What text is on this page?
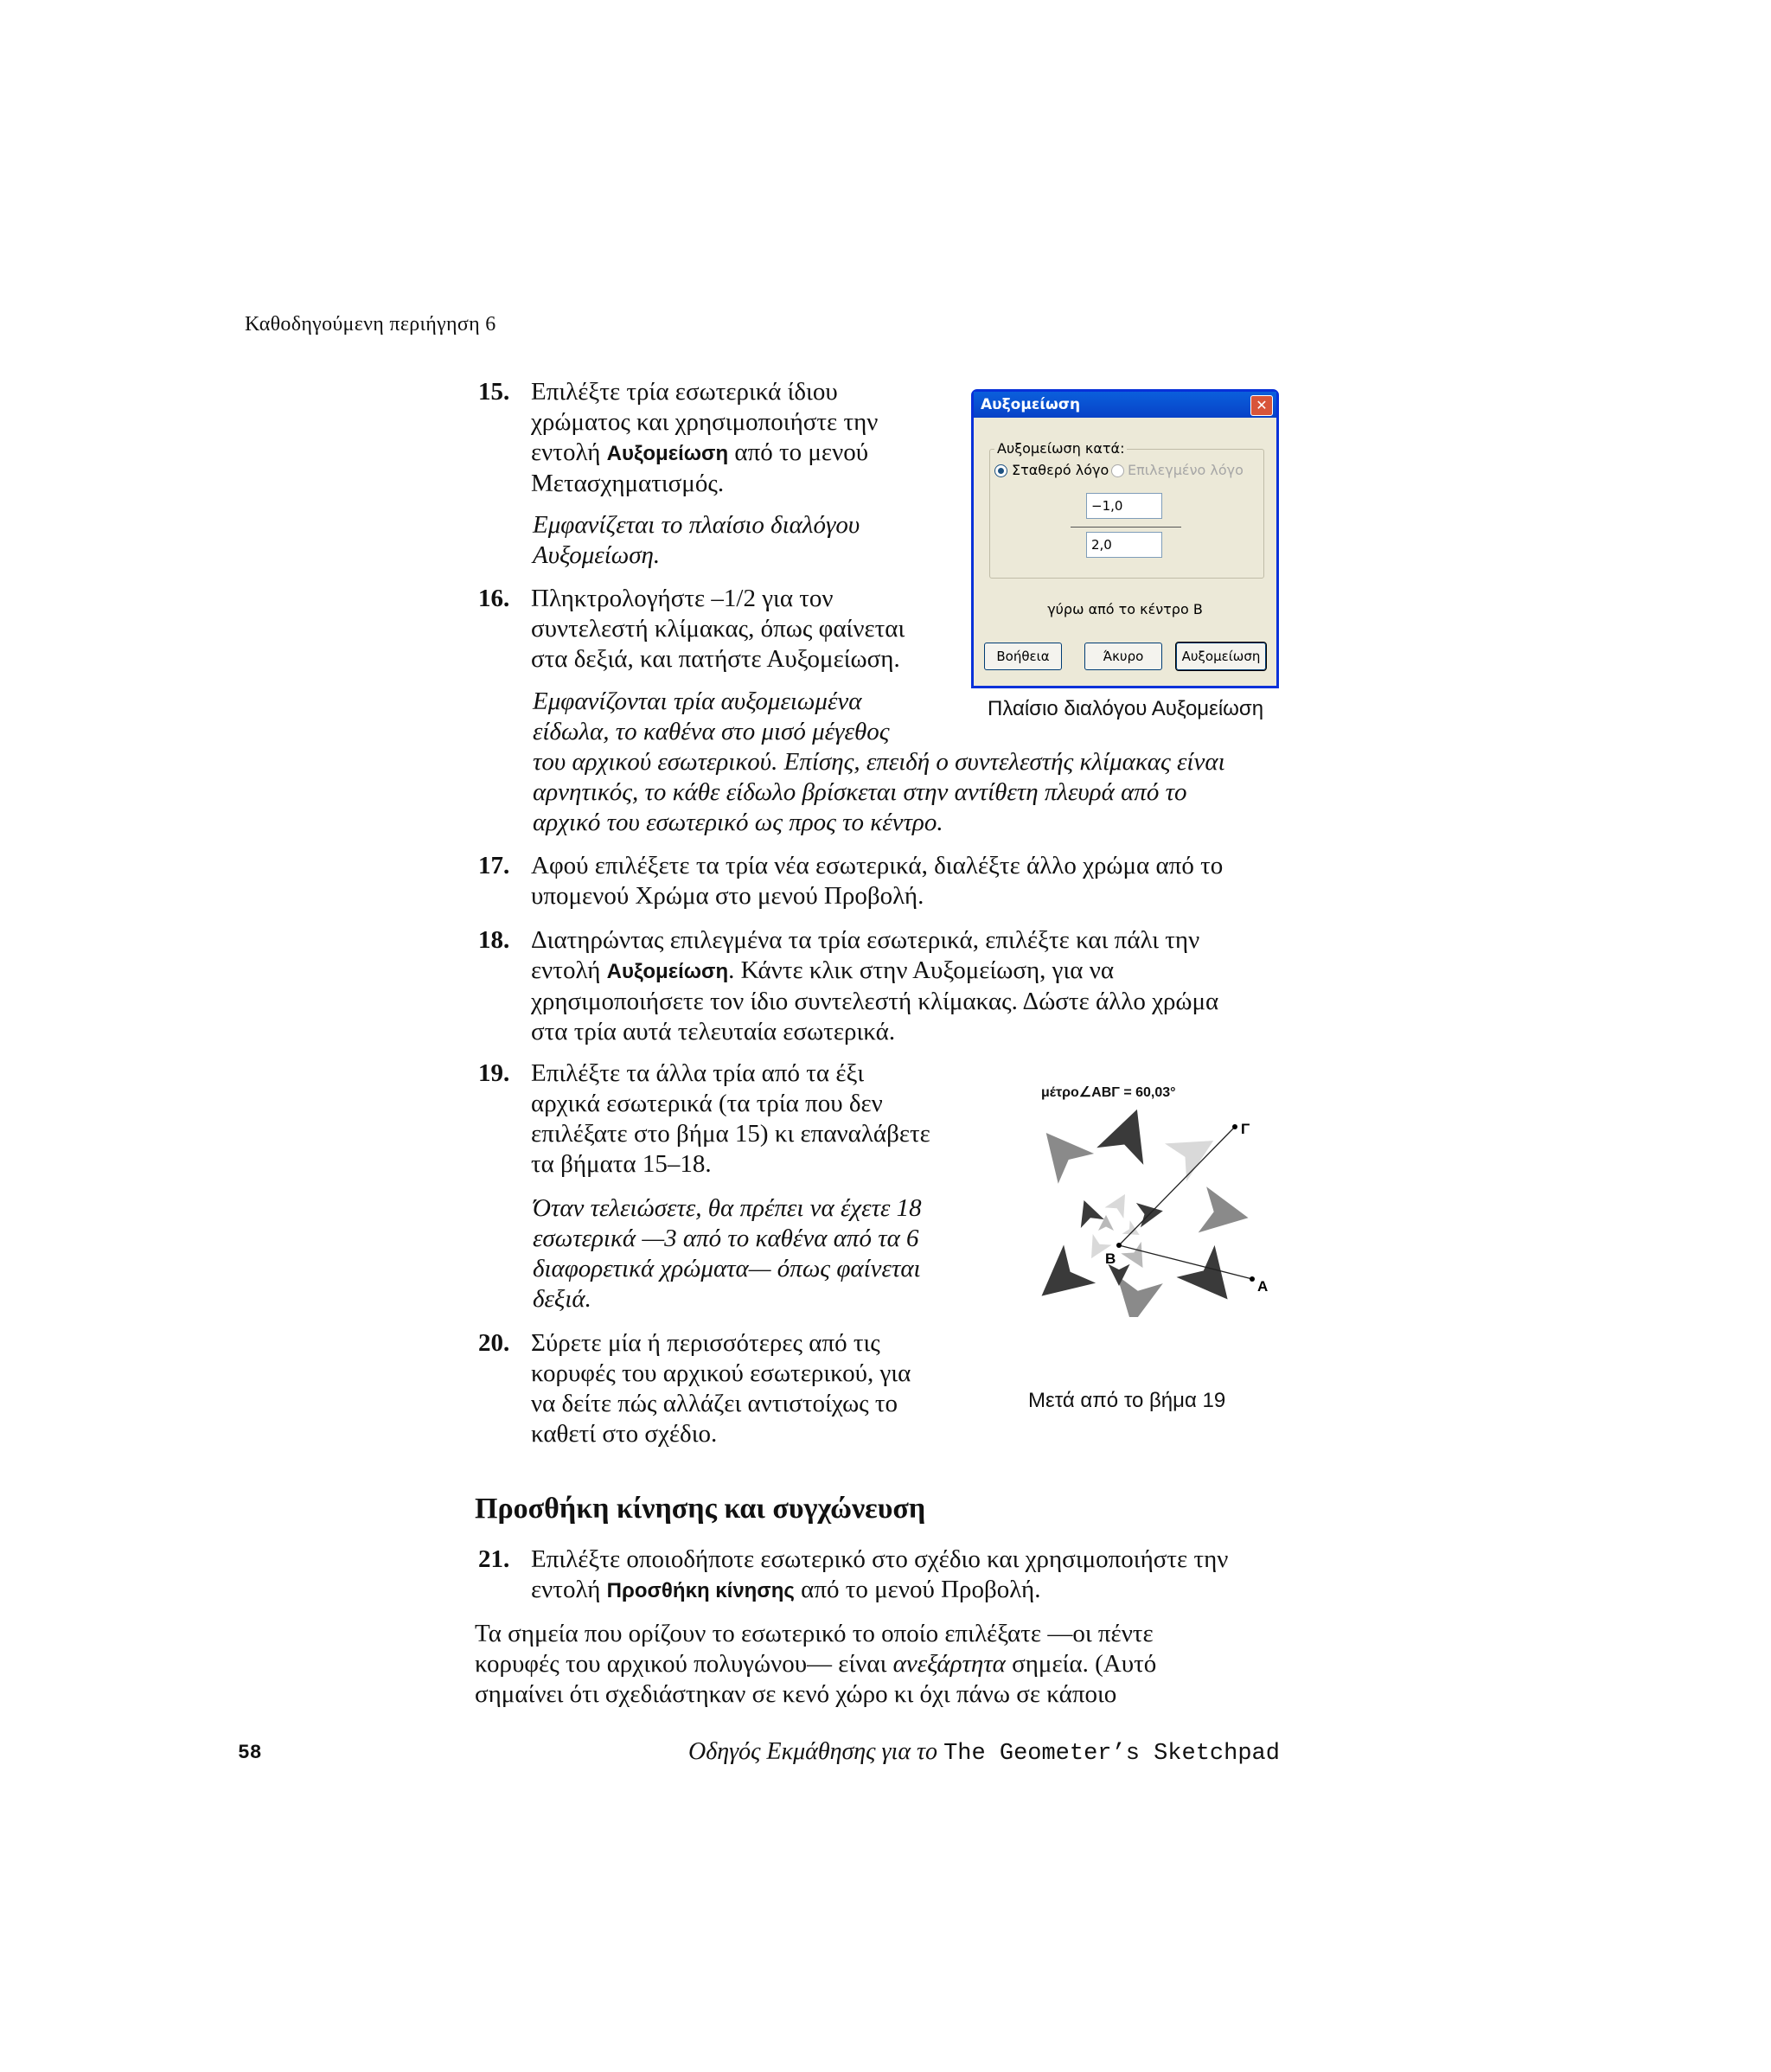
Καθοδηγούμενη περιήγηση 6
15. Επιλέξτε τρία εσωτερικά ίδιου
χρώματος και χρησιμοποιήστε την
εντολή Αυξομείωση από το μενού
Μετασχηματισμός.
Εμφανίζεται το πλαίσιο διαλόγου
Αυξομείωση.
16. Πληκτρολογήστε –1/2 για τον
συντελεστή κλίμακας, όπως φαίνεται
στα δεξιά, και πατήστε Αυξομείωση.
Εμφανίζονται τρία αυξομειωμένα
είδωλα, το καθένα στο μισό μέγεθος
του αρχικού εσωτερικού. Επίσης, επειδή ο συντελεστής κλίμακας είναι
αρνητικός, το κάθε είδωλο βρίσκεται στην αντίθετη πλευρά από το
αρχικό του εσωτερικό ως προς το κέντρο.
17. Αφού επιλέξετε τα τρία νέα εσωτερικά, διαλέξτε άλλο χρώμα από το
υπομενού Χρώμα στο μενού Προβολή.
18. Διατηρώντας επιλεγμένα τα τρία εσωτερικά, επιλέξτε και πάλι την
εντολή Αυξομείωση. Κάντε κλικ στην Αυξομείωση, για να
χρησιμοποιήσετε τον ίδιο συντελεστή κλίμακας. Δώστε άλλο χρώμα
στα τρία αυτά τελευταία εσωτερικά.
19. Επιλέξτε τα άλλα τρία από τα έξι
αρχικά εσωτερικά (τα τρία που δεν
επιλέξατε στο βήμα 15) κι επαναλάβετε
τα βήματα 15–18.
Όταν τελειώσετε, θα πρέπει να έχετε 18
εσωτερικά —3 από το καθένα από τα 6
διαφορετικά χρώματα— όπως φαίνεται
δεξιά.
20. Σύρετε μία ή περισσότερες από τις
κορυφές του αρχικού εσωτερικού, για
να δείτε πώς αλλάζει αντιστοίχως το
καθετί στο σχέδιο.
Προσθήκη κίνησης και συγχώνευση
21. Επιλέξτε οποιοδήποτε εσωτερικό στο σχέδιο και χρησιμοποιήστε την
εντολή Προσθήκη κίνησης από το μενού Προβολή.
Τα σημεία που ορίζουν το εσωτερικό το οποίο επιλέξατε —οι πέντε
κορυφές του αρχικού πολυγώνου— είναι ανεξάρτητα σημεία. (Αυτό
σημαίνει ότι σχεδιάστηκαν σε κενό χώρο κι όχι πάνω σε κάποιο
Αυξομείωση	✕
Αυξομείωση κατά:
Σταθερό λόγο Επιλεγμένο λόγο
−1,0
2,0
γύρω από το κέντρο B
Βοήθεια	Άκυρο	Αυξομείωση
Πλαίσιο διαλόγου Αυξομείωση
μέτρο∠ΑΒΓ = 60,03°
Γ
Β
Α
Μετά από το βήμα 19
58	Οδηγός Εκμάθησης για το The Geometer’s Sketchpad
